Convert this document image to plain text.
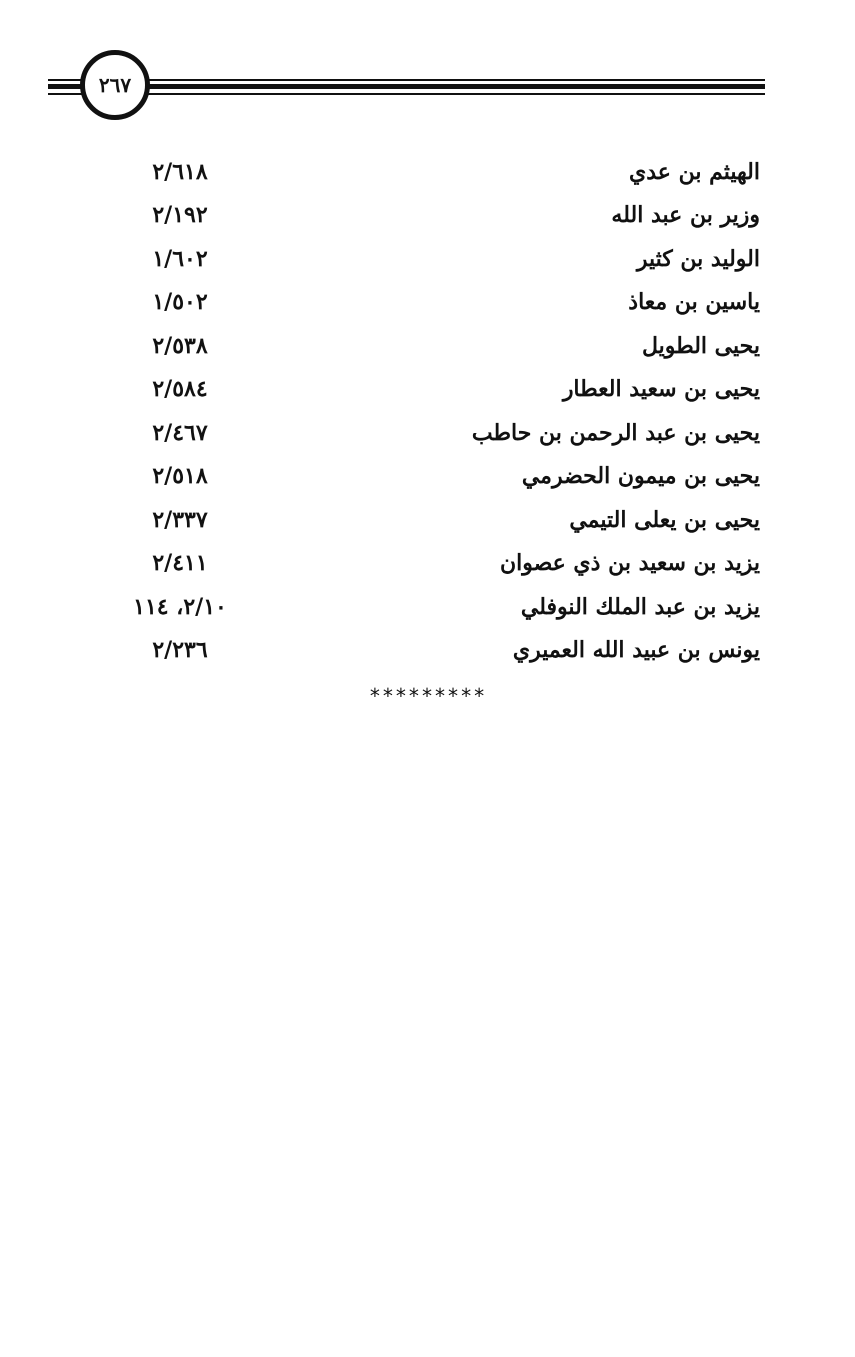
٢٦٧
الهيثم بن عدي
٢/٦١٨
وزير بن عبد الله
٢/١٩٢
الوليد بن كثير
١/٦٠٢
ياسين بن معاذ
١/٥٠٢
يحيى الطويل
٢/٥٣٨
يحيى بن سعيد العطار
٢/٥٨٤
يحيى بن عبد الرحمن بن حاطب
٢/٤٦٧
يحيى بن ميمون الحضرمي
٢/٥١٨
يحيى بن يعلى التيمي
٢/٣٣٧
يزيد بن سعيد بن ذي عصوان
٢/٤١١
يزيد بن عبد الملك النوفلي
٢/١٠، ١١٤
يونس بن عبيد الله العميري
٢/٢٣٦
*********
